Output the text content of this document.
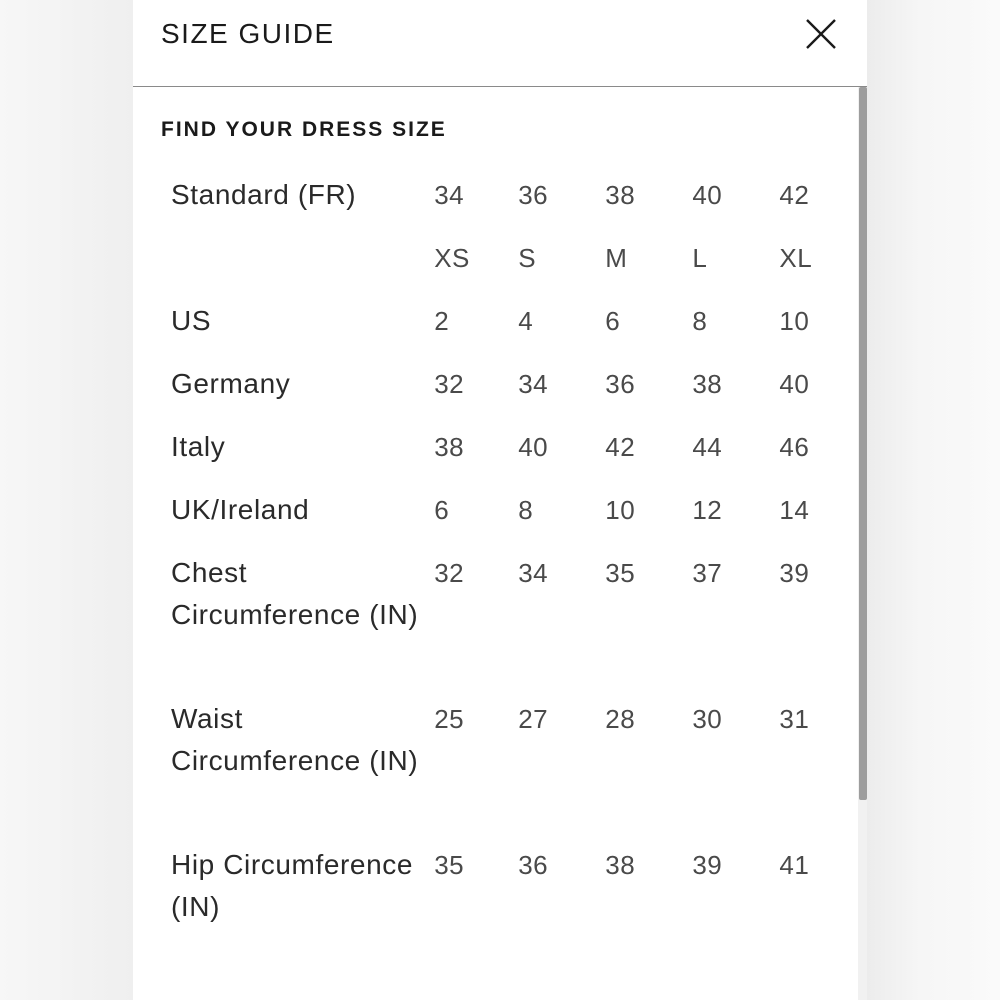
SIZE GUIDE
FIND YOUR DRESS SIZE
Standard (FR)	34	36	38	40	42
	XS	S	M	L	XL
US	2	4	6	8	10
Germany	32	34	36	38	40
Italy	38	40	42	44	46
UK/Ireland	6	8	10	12	14
Chest Circumference (IN)	32	34	35	37	39
Waist Circumference (IN)	25	27	28	30	31
Hip Circumference (IN)	35	36	38	39	41
